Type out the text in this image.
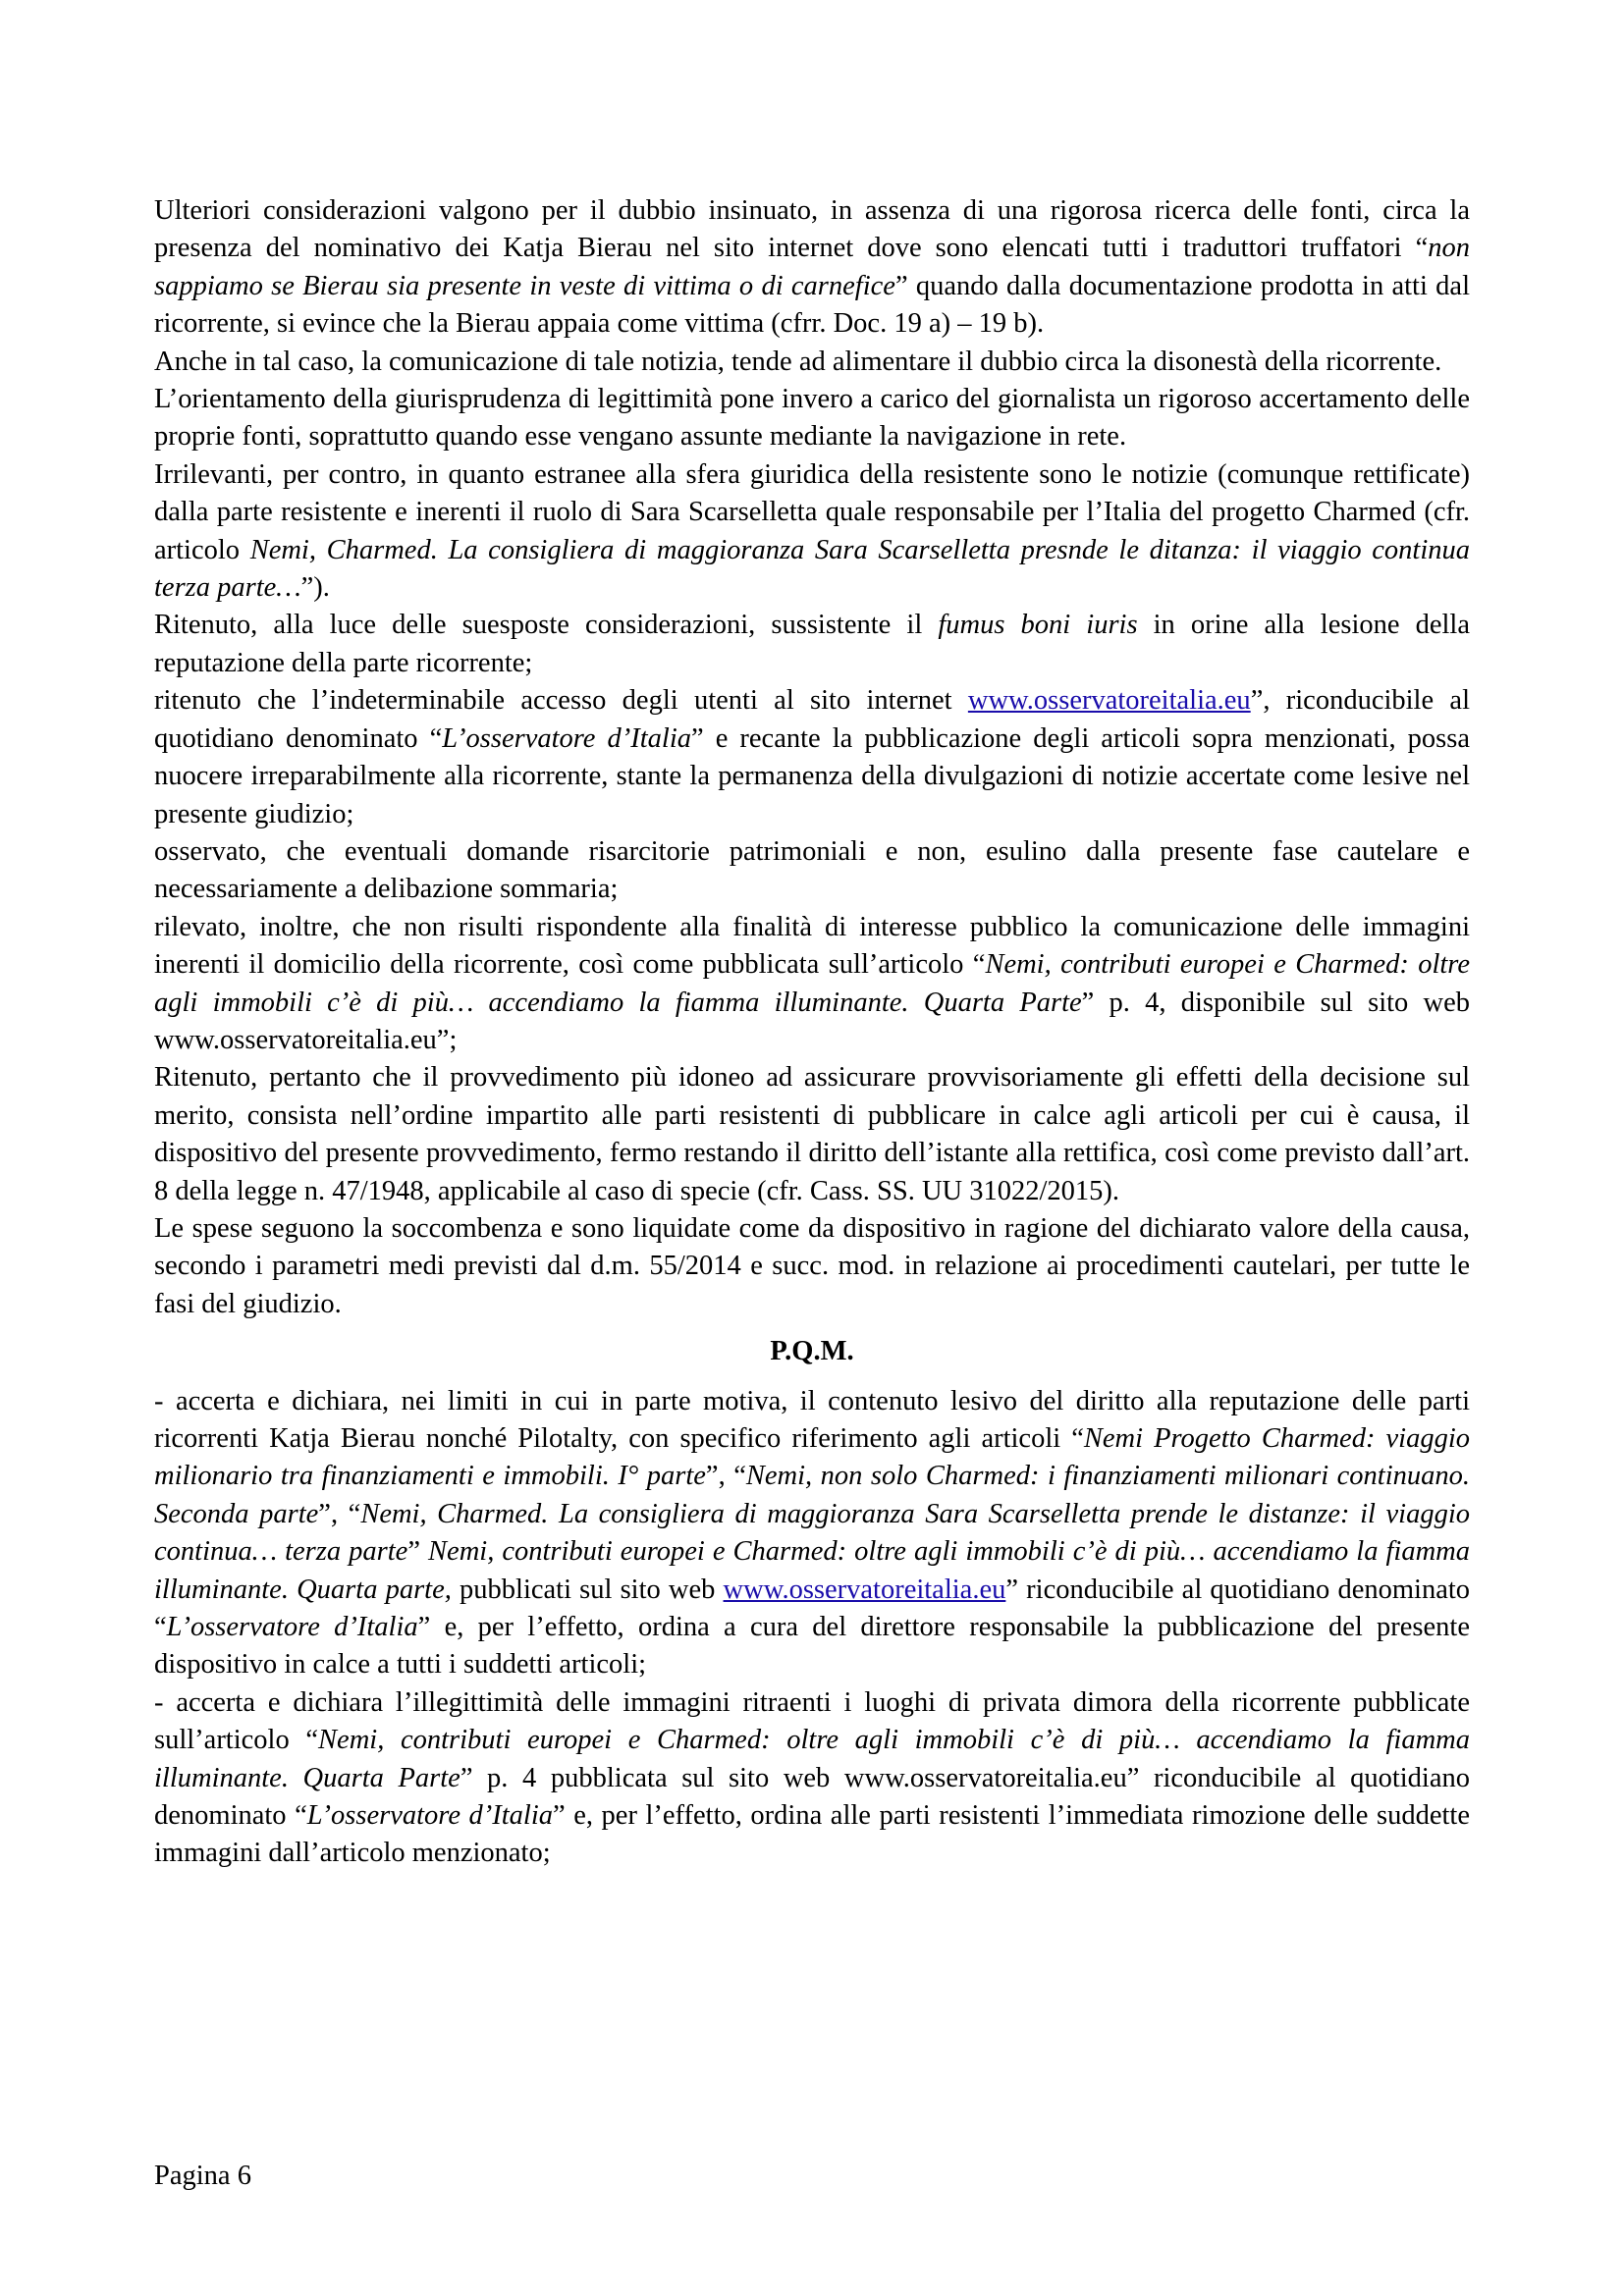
Ulteriori considerazioni valgono per il dubbio insinuato, in assenza di una rigorosa ricerca delle fonti, circa la presenza del nominativo dei Katja Bierau nel sito internet dove sono elencati tutti i traduttori truffatori “non sappiamo se Bierau sia presente in veste di vittima o di carnefice” quando dalla documentazione prodotta in atti dal ricorrente, si evince che la Bierau appaia come vittima (cfrr. Doc. 19 a) – 19 b).

Anche in tal caso, la comunicazione di tale notizia, tende ad alimentare il dubbio circa la disonestà della ricorrente.

L’orientamento della giurisprudenza di legittimità pone invero a carico del giornalista un rigoroso accertamento delle proprie fonti, soprattutto quando esse vengano assunte mediante la navigazione in rete.

Irrilevanti, per contro, in quanto estranee alla sfera giuridica della resistente sono le notizie (comunque rettificate) dalla parte resistente e inerenti il ruolo di Sara Scarselletta quale responsabile per l’Italia del progetto Charmed (cfr. articolo Nemi, Charmed. La consigliera di maggioranza Sara Scarselletta presnde le ditanza: il viaggio continua terza parte…”).

Ritenuto, alla luce delle suesposte considerazioni, sussistente il fumus boni iuris in orine alla lesione della reputazione della parte ricorrente;

ritenuto che l’indeterminabile accesso degli utenti al sito internet www.osservatoreitalia.eu”, riconducibile al quotidiano denominato “L’osservatore d’Italia” e recante la pubblicazione degli articoli sopra menzionati, possa nuocere irreparabilmente alla ricorrente, stante la permanenza della divulgazioni di notizie accertate come lesive nel presente giudizio;

osservato, che eventuali domande risarcitorie patrimoniali e non, esulino dalla presente fase cautelare e necessariamente a delibazione sommaria;

rilevato, inoltre, che non risulti rispondente alla finalità di interesse pubblico la comunicazione delle immagini inerenti il domicilio della ricorrente, così come pubblicata sull’articolo “Nemi, contributi europei e Charmed: oltre agli immobili c’è di più… accendiamo la fiamma illuminante. Quarta Parte” p. 4, disponibile sul sito web www.osservatoreitalia.eu”;

Ritenuto, pertanto che il provvedimento più idoneo ad assicurare provvisoriamente gli effetti della decisione sul merito, consista nell’ordine impartito alle parti resistenti di pubblicare in calce agli articoli per cui è causa, il dispositivo del presente provvedimento, fermo restando il diritto dell’istante alla rettifica, così come previsto dall’art. 8 della legge n. 47/1948, applicabile al caso di specie (cfr. Cass. SS. UU 31022/2015).

Le spese seguono la soccombenza e sono liquidate come da dispositivo in ragione del dichiarato valore della causa, secondo i parametri medi previsti dal d.m. 55/2014 e succ. mod. in relazione ai procedimenti cautelari, per tutte le fasi del giudizio.

P.Q.M.

- accerta e dichiara, nei limiti in cui in parte motiva, il contenuto lesivo del diritto alla reputazione delle parti ricorrenti Katja Bierau nonché Pilotalty, con specifico riferimento agli articoli “Nemi Progetto Charmed: viaggio milionario tra finanziamenti e immobili. I° parte”, “Nemi, non solo Charmed: i finanziamenti milionari continuano. Seconda parte”, “Nemi, Charmed. La consigliera di maggioranza Sara Scarselletta prende le distanze: il viaggio continua… terza parte” Nemi, contributi europei e Charmed: oltre agli immobili c’è di più… accendiamo la fiamma illuminante. Quarta parte, pubblicati sul sito web www.osservatoreitalia.eu” riconducibile al quotidiano denominato “L’osservatore d’Italia” e, per l’effetto, ordina a cura del direttore responsabile la pubblicazione del presente dispositivo in calce a tutti i suddetti articoli;

- accerta e dichiara l’illegittimità delle immagini ritraenti i luoghi di privata dimora della ricorrente pubblicate sull’articolo “Nemi, contributi europei e Charmed: oltre agli immobili c’è di più… accendiamo la fiamma illuminante. Quarta Parte” p. 4 pubblicata sul sito web www.osservatoreitalia.eu” riconducibile al quotidiano denominato “L’osservatore d’Italia” e, per l’effetto, ordina alle parti resistenti l’immediata rimozione delle suddette immagini dall’articolo menzionato;

Pagina 6
